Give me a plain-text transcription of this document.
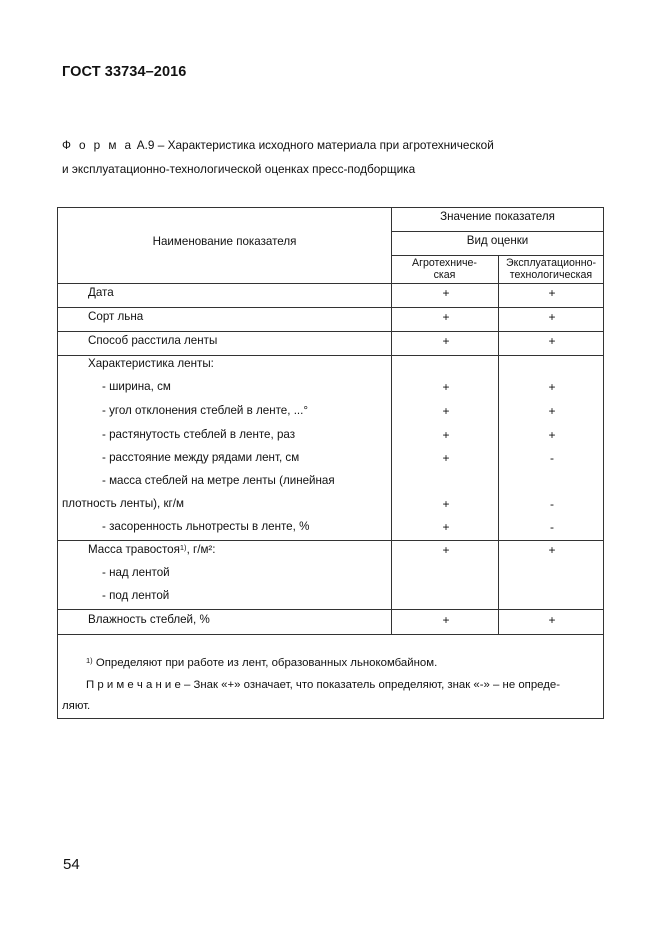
ГОСТ 33734–2016
Ф о р м а А.9 – Характеристика исходного материала при агротехнической
и эксплуатационно-технологической оценках пресс-подборщика
Наименование показателя
Значение показателя
Вид оценки
Агротехниче-
ская
Эксплуатационно-
технологическая
Дата
Сорт льна
Способ расстила ленты
Характеристика ленты:
- ширина, см
- угол отклонения стеблей в ленте, ...°
- растянутость стеблей в ленте, раз
- расстояние между рядами лент, см
- масса стеблей на метре ленты (линейная
плотность ленты), кг/м
- засоренность льнотресты в ленте, %
Масса травостоя$^{1)}$, г/м²:
- над лентой
- под лентой
Влажность стеблей, %
+
+
+
+
+
+
+
+
+
+
+
+
+
+
+
+
+
-
-
-
+
+
$^{1)}$ Определяют при работе из лент, образованных льнокомбайном.
П р и м е ч а н и е – Знак «+» означает, что показатель определяют, знак «-» – не опреде-
ляют.
54
